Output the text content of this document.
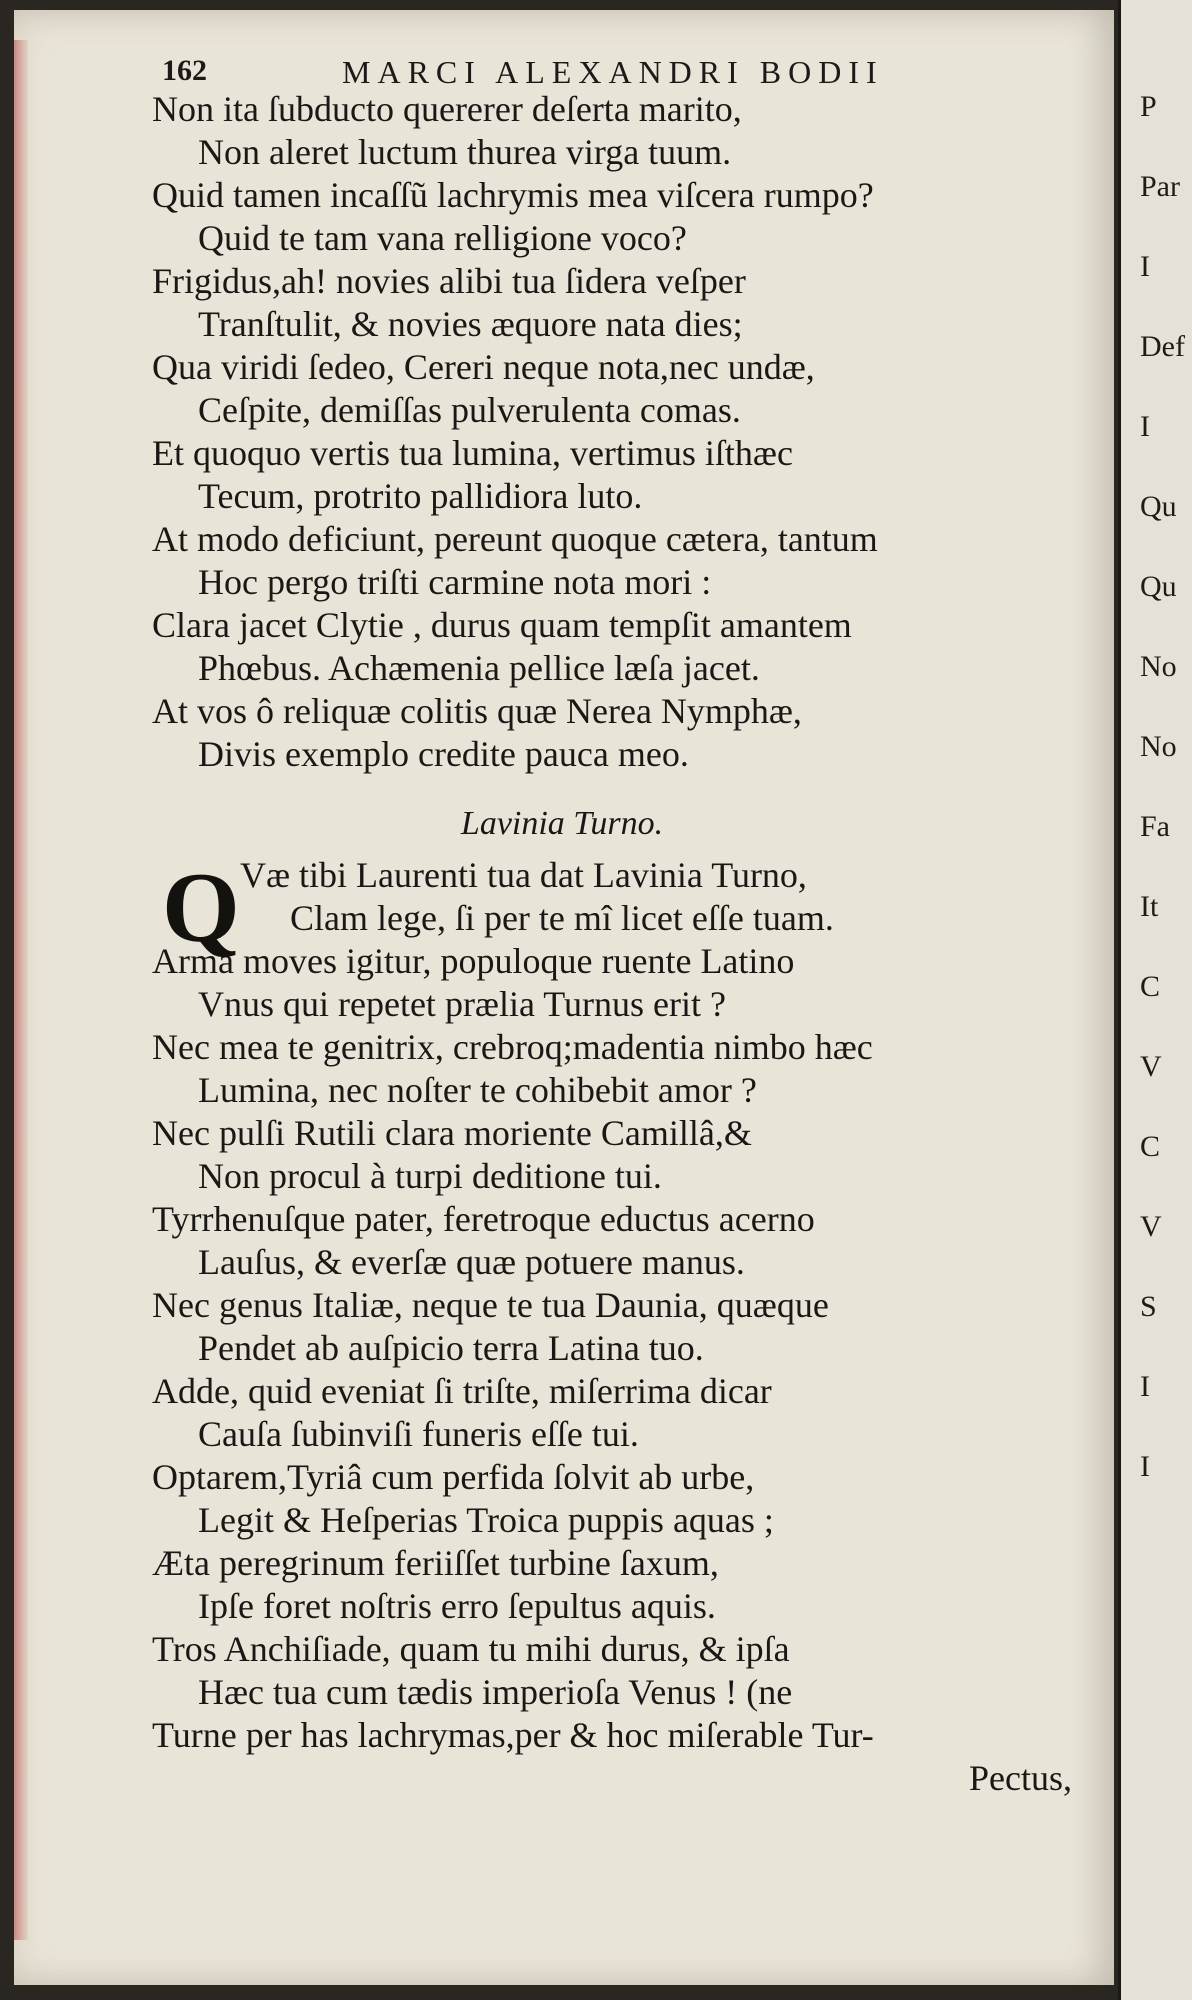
162	MARCI ALEXANDRI BODII
Non ita ſubducto quererer deſerta marito,
Non aleret luctum thurea virga tuum.
Quid tamen incaſſũ lachrymis mea viſcera rumpo?
Quid te tam vana relligione voco?
Frigidus,ah! novies alibi tua ſidera veſper
Tranſtulit, & novies æquore nata dies;
Qua viridi ſedeo, Cereri neque nota,nec undæ,
Ceſpite, demiſſas pulverulenta comas.
Et quoquo vertis tua lumina, vertimus iſthæc
Tecum, protrito pallidiora luto.
At modo deficiunt, pereunt quoque cætera, tantum
Hoc pergo triſti carmine nota mori :
Clara jacet Clytie , durus quam tempſit amantem
Phœbus. Achæmenia pellice læſa jacet.
At vos ô reliquæ colitis quæ Nerea Nymphæ,
Divis exemplo credite pauca meo.
Lavinia Turno.
Q Væ tibi Laurenti tua dat Lavinia Turno,
Clam lege, ſi per te mî licet eſſe tuam.
Arma moves igitur, populoque ruente Latino
Vnus qui repetet prælia Turnus erit ?
Nec mea te genitrix, crebroq;madentia nimbo hæc
Lumina, nec noſter te cohibebit amor ?
Nec pulſi Rutili clara moriente Camillâ,&
Non procul à turpi deditione tui.
Tyrrhenuſque pater, feretroque eductus acerno
Lauſus, & everſæ quæ potuere manus.
Nec genus Italiæ, neque te tua Daunia, quæque
Pendet ab auſpicio terra Latina tuo.
Adde, quid eveniat ſi triſte, miſerrima dicar
Cauſa ſubinviſi funeris eſſe tui.
Optarem,Tyriâ cum perfida ſolvit ab urbe,
Legit & Heſperias Troica puppis aquas ;
Æta peregrinum feriiſſet turbine ſaxum,
Ipſe foret noſtris erro ſepultus aquis.
Tros Anchiſiade, quam tu mihi durus, & ipſa
Hæc tua cum tædis imperioſa Venus ! (ne
Turne per has lachrymas,per & hoc miſerable Tur-
Pectus,
P
Par
I
Def
I
Qu
Qu
No
No
Fa
It
C
V
C
V
S
I
I
